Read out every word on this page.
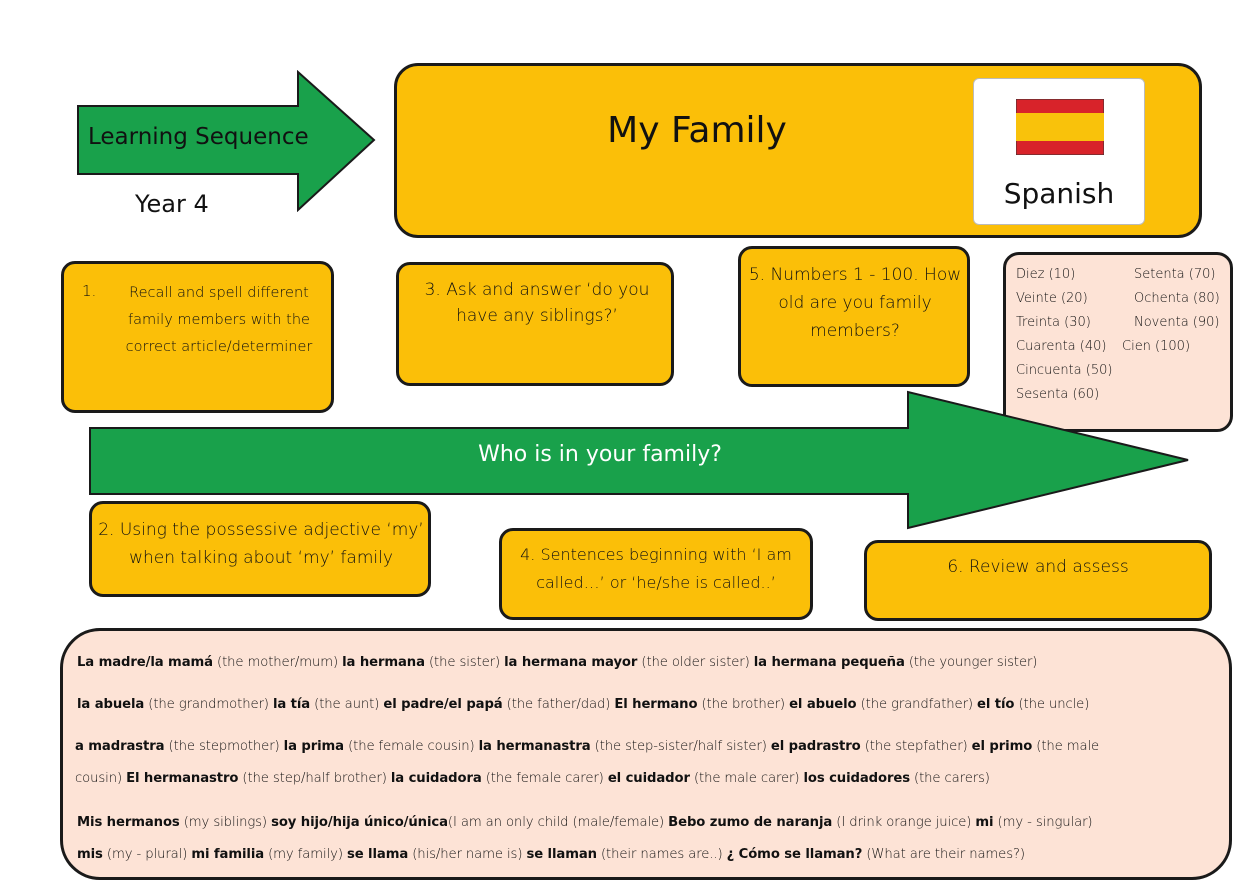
Learning Sequence
Year 4
My Family
Spanish
1.	Recall and spell different family members with the correct article/determiner
3. Ask and answer ‘do you have any siblings?’
5. Numbers 1 - 100. How old are you family members?
Diez (10)
Veinte (20)
Treinta (30)
Cuarenta (40)
Cincuenta (50)
Sesenta (60)
Setenta (70)
Ochenta (80)
Noventa (90)
Cien (100)
Who is in your family?
2. Using the possessive adjective ‘my’ when talking about ‘my’ family	4. Sentences beginning with ‘I am called…’ or ‘he/she is called..’
6. Review and assess
La madre/la mamá (the mother/mum) la hermana (the sister) la hermana mayor (the older sister) la hermana pequeña (the younger sister)
la abuela (the grandmother) la tía (the aunt) el padre/el papá (the father/dad) El hermano (the brother) el abuelo (the grandfather) el tío (the uncle)
a madrastra (the stepmother) la prima (the female cousin) la hermanastra (the step-sister/half sister) el padrastro (the stepfather) el primo (the male
cousin) El hermanastro (the step/half brother) la cuidadora (the female carer) el cuidador (the male carer) los cuidadores (the carers)
Mis hermanos (my siblings) soy hijo/hija único/única(I am an only child (male/female) Bebo zumo de naranja (I drink orange juice) mi (my - singular)
mis (my - plural) mi familia (my family) se llama (his/her name is) se llaman (their names are..) ¿ Cómo se llaman? (What are their names?)
